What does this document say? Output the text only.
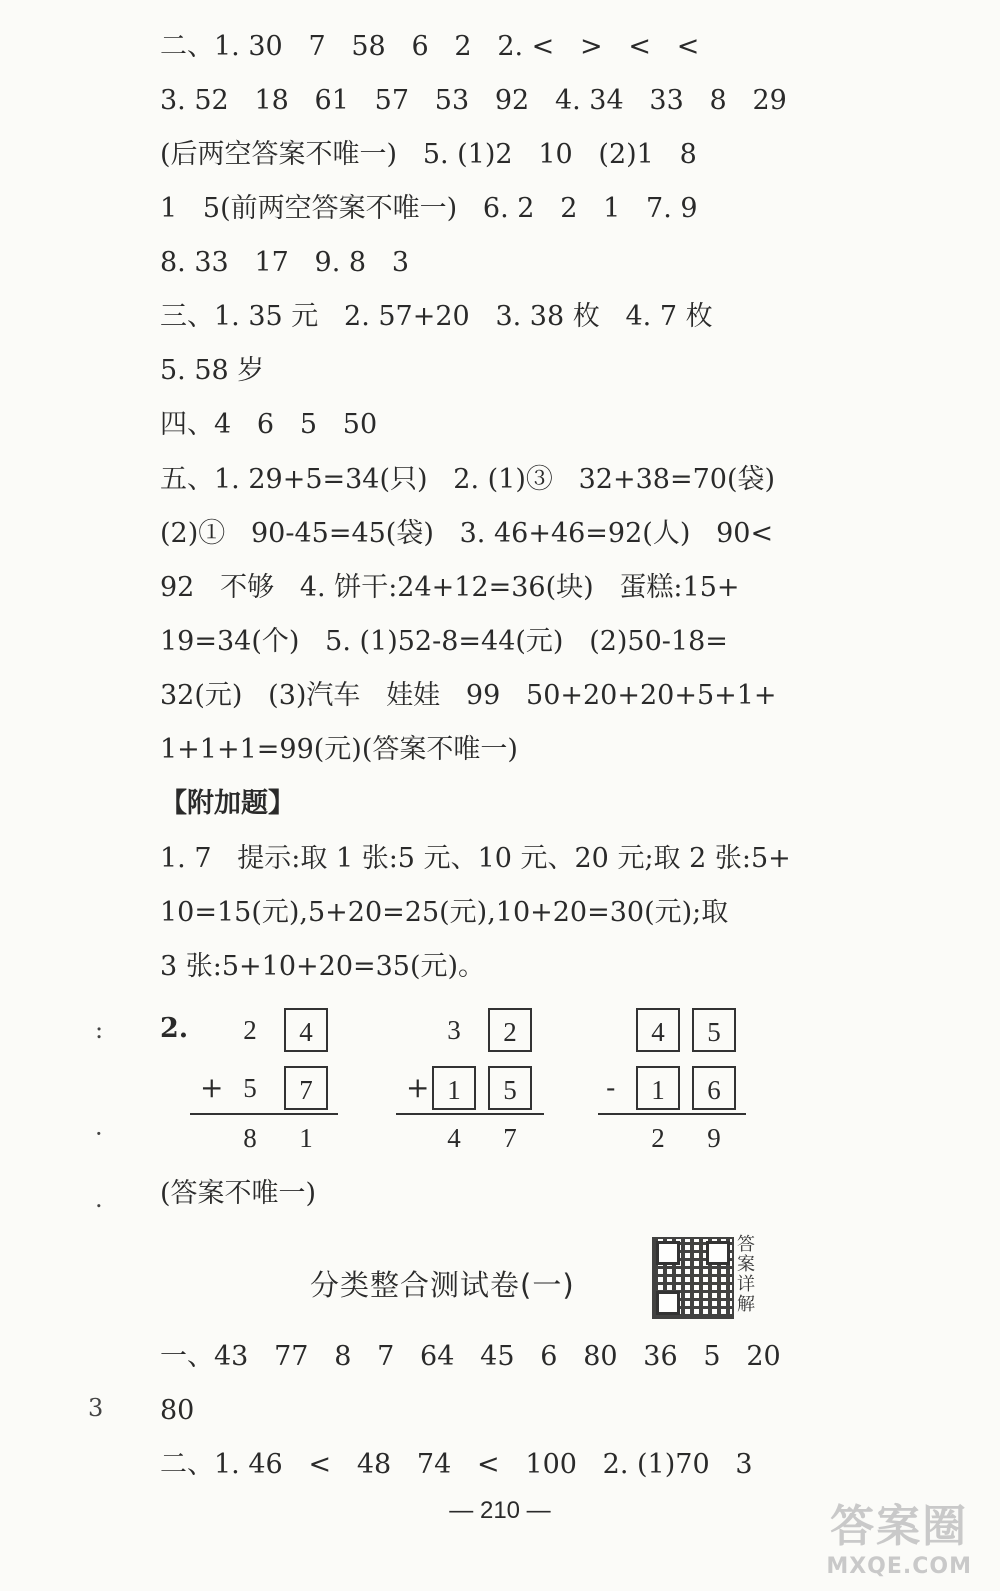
二、1. 30   7   58   6   2   2. <   >   <   <
3. 52   18   61   57   53   92   4. 34   33   8   29
(后两空答案不唯一)   5. (1)2   10   (2)1   8
1   5(前两空答案不唯一)   6. 2   2   1   7. 9
8. 33   17   9. 8   3
三、1. 35 元   2. 57+20   3. 38 枚   4. 7 枚
5. 58 岁
四、4   6   5   50
五、1. 29+5=34(只)   2. (1)③   32+38=70(袋)
(2)①   90-45=45(袋)   3. 46+46=92(人)   90<
92   不够   4. 饼干:24+12=36(块)   蛋糕:15+
19=34(个)   5. (1)52-8=44(元)   (2)50-18=
32(元)   (3)汽车   娃娃   99   50+20+20+5+1+
1+1+1=99(元)(答案不唯一)
【附加题】
1. 7   提示:取 1 张:5 元、10 元、20 元;取 2 张:5+
10=15(元),5+20=25(元),10+20=30(元);取
3 张:5+10+20=35(元)。
2.
(答案不唯一)
一、43   77   8   7   64   45   6   80   36   5   20
80
二、1. 46   <   48   74   <   100   2. (1)70   3
:
·
.
3
2	4
+ 5	7
8	1
3	2
+ 1	5
4	7
4	5
-	1	6
2	9
分类整合测试卷(一)
答案详解
— 210 —	答案圈
MXQE.COM
